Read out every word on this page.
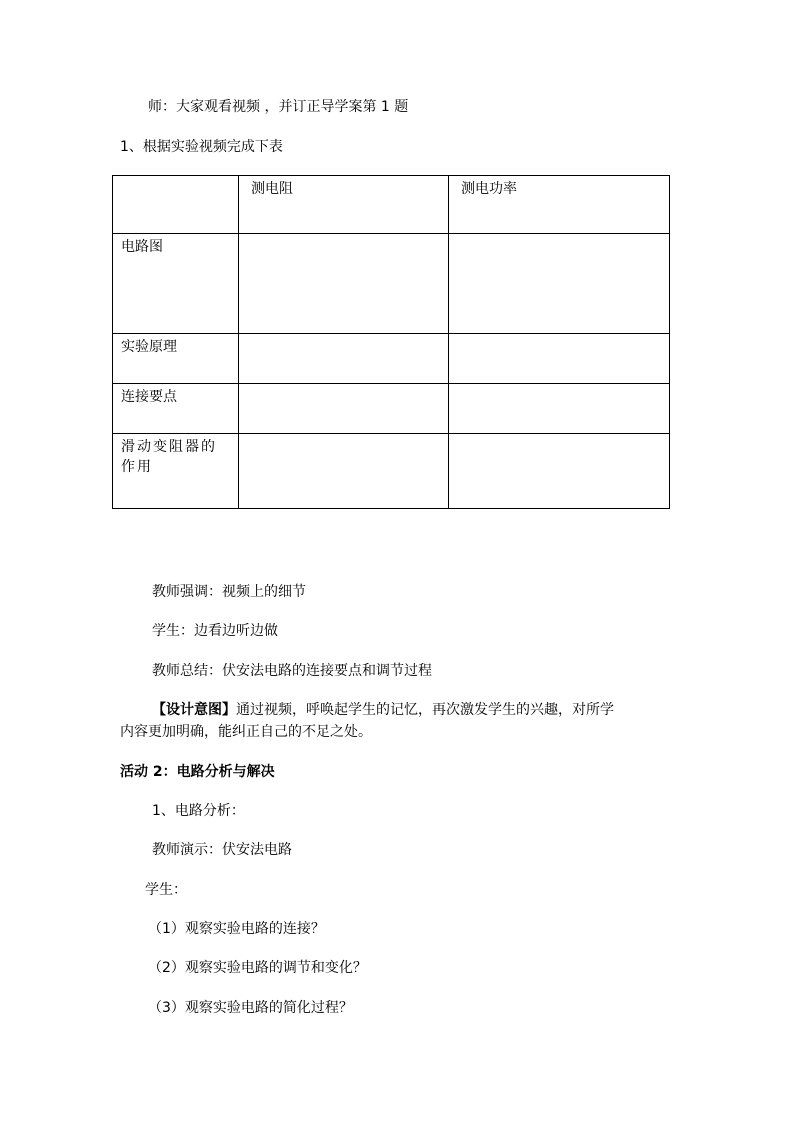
师：大家观看视频 ，并订正导学案第 1 题
1、根据实验视频完成下表
	测电阻	测电功率
电路图		
实验原理		
连接要点		
滑动变阻器的作用		
教师强调：视频上的细节
学生：边看边听边做
教师总结：伏安法电路的连接要点和调节过程
【设计意图】通过视频，呼唤起学生的记忆，再次激发学生的兴趣，对所学
内容更加明确，能纠正自己的不足之处。
活动 2：电路分析与解决
1、电路分析：
教师演示：伏安法电路
学生：
（1）观察实验电路的连接？
（2）观察实验电路的调节和变化？
（3）观察实验电路的简化过程？
